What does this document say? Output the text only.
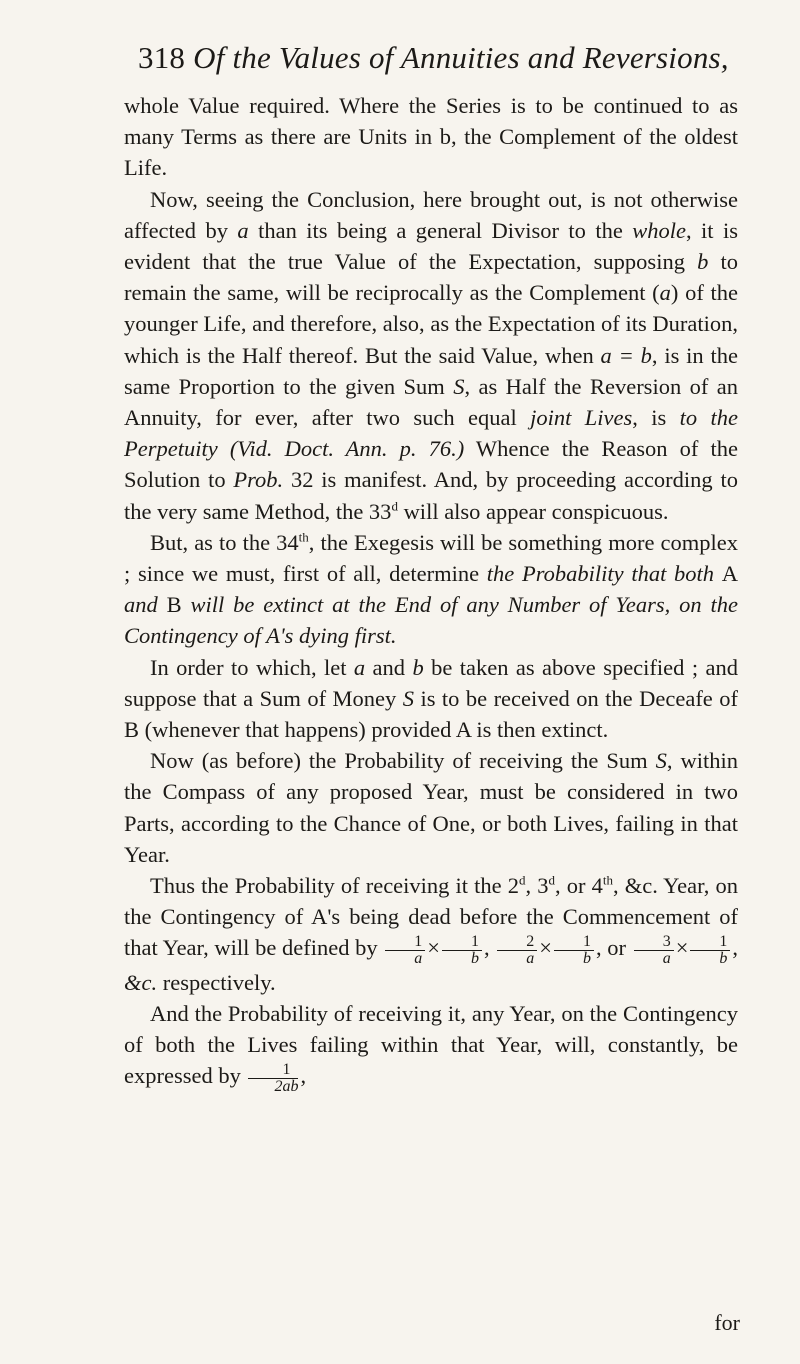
318 Of the Values of Annuities and Reversions,

whole Value required. Where the Series is to be continued to as many Terms as there are Units in b, the Complement of the oldest Life.

Now, seeing the Conclusion, here brought out, is not otherwise affected by a than its being a general Divisor to the whole, it is evident that the true Value of the Expectation, supposing b to remain the same, will be reciprocally as the Complement (a) of the younger Life, and therefore, also, as the Expectation of its Duration, which is the Half thereof. But the said Value, when a = b, is in the same Proportion to the given Sum S, as Half the Reversion of an Annuity, for ever, after two such equal joint Lives, is to the Perpetuity (Vid. Doct. Ann. p. 76.) Whence the Reason of the Solution to Prob. 32 is manifest. And, by proceeding according to the very same Method, the 33$^d$ will also appear conspicuous.

But, as to the 34th, the Exegesis will be something more complex ; since we must, first of all, determine the Probability that both A and B will be extinct at the End of any Number of Years, on the Contingency of A's dying first.

In order to which, let a and b be taken as above specified ; and suppose that a Sum of Money S is to be received on the Deceafe of B (whenever that happens) provided A is then extinct.

Now (as before) the Probability of receiving the Sum S, within the Compass of any proposed Year, must be considered in two Parts, according to the Chance of One, or both Lives, failing in that Year.

Thus the Probability of receiving it the 2$^d$, 3$^d$, or 4th, &c. Year, on the Contingency of A's being dead before the Commencement of that Year, will be defined by $\frac{1}{a} \times \frac{1}{b}$ , $\frac{2}{a} \times \frac{1}{b}$ , or $\frac{3}{a} \times \frac{1}{b}$ , &c. respectively.

And the Probability of receiving it, any Year, on the Contingency of both the Lives failing within that Year, will, constantly, be expressed by $\frac{1}{2ab}$ ,

for
